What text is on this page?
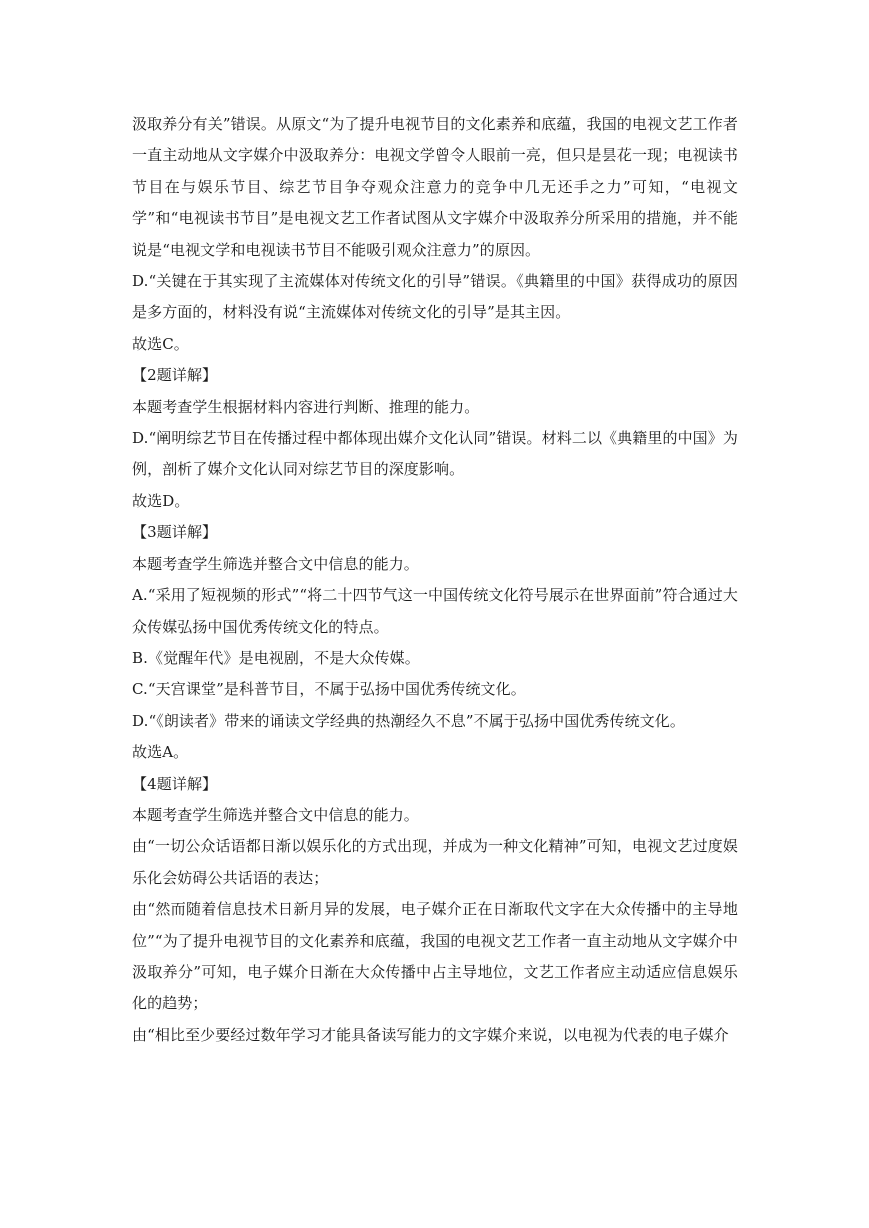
汲取养分有关”错误。从原文“为了提升电视节目的文化素养和底蕴，我国的电视文艺工作者一直主动地从文字媒介中汲取养分：电视文学曾令人眼前一亮，但只是昙花一现；电视读书节目在与娱乐节目、综艺节目争夺观众注意力的竞争中几无还手之力”可知，“电视文学”和“电视读书节目”是电视文艺工作者试图从文字媒介中汲取养分所采用的措施，并不能说是“电视文学和电视读书节目不能吸引观众注意力”的原因。

D.“关键在于其实现了主流媒体对传统文化的引导”错误。《典籍里的中国》获得成功的原因是多方面的，材料没有说“主流媒体对传统文化的引导”是其主因。

故选C。

【2题详解】

本题考查学生根据材料内容进行判断、推理的能力。

D.“阐明综艺节目在传播过程中都体现出媒介文化认同”错误。材料二以《典籍里的中国》为例，剖析了媒介文化认同对综艺节目的深度影响。

故选D。

【3题详解】

本题考查学生筛选并整合文中信息的能力。

A.“采用了短视频的形式”“将二十四节气这一中国传统文化符号展示在世界面前”符合通过大众传媒弘扬中国优秀传统文化的特点。

B.《觉醒年代》是电视剧，不是大众传媒。

C.“天宫课堂”是科普节目，不属于弘扬中国优秀传统文化。

D.“《朗读者》带来的诵读文学经典的热潮经久不息”不属于弘扬中国优秀传统文化。

故选A。

【4题详解】

本题考查学生筛选并整合文中信息的能力。

由“一切公众话语都日渐以娱乐化的方式出现，并成为一种文化精神”可知，电视文艺过度娱乐化会妨碍公共话语的表达；

由“然而随着信息技术日新月异的发展，电子媒介正在日渐取代文字在大众传播中的主导地位”“为了提升电视节目的文化素养和底蕴，我国的电视文艺工作者一直主动地从文字媒介中汲取养分”可知，电子媒介日渐在大众传播中占主导地位，文艺工作者应主动适应信息娱乐化的趋势；

由“相比至少要经过数年学习才能具备读写能力的文字媒介来说，以电视为代表的电子媒介
